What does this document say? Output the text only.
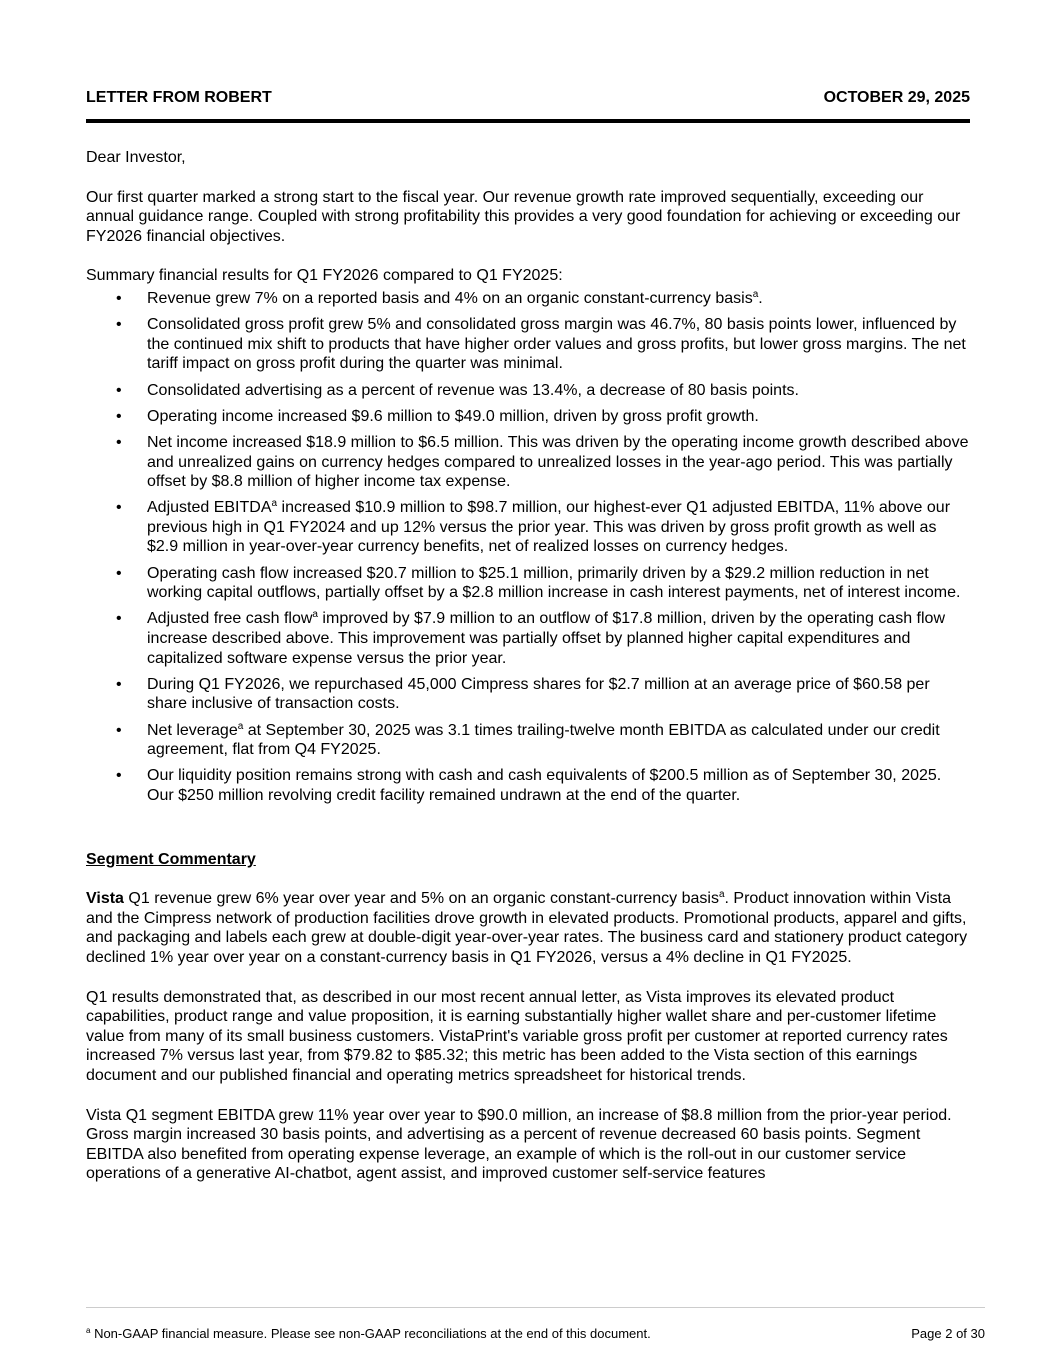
LETTER FROM ROBERT	OCTOBER 29, 2025

Dear Investor,

Our first quarter marked a strong start to the fiscal year. Our revenue growth rate improved sequentially, exceeding our annual guidance range. Coupled with strong profitability this provides a very good foundation for achieving or exceeding our FY2026 financial objectives.

Summary financial results for Q1 FY2026 compared to Q1 FY2025:

• Revenue grew 7% on a reported basis and 4% on an organic constant-currency basis$^a$.
• Consolidated gross profit grew 5% and consolidated gross margin was 46.7%, 80 basis points lower, influenced by the continued mix shift to products that have higher order values and gross profits, but lower gross margins. The net tariff impact on gross profit during the quarter was minimal.
• Consolidated advertising as a percent of revenue was 13.4%, a decrease of 80 basis points.
• Operating income increased $9.6 million to $49.0 million, driven by gross profit growth.
• Net income increased $18.9 million to $6.5 million. This was driven by the operating income growth described above and unrealized gains on currency hedges compared to unrealized losses in the year-ago period. This was partially offset by $8.8 million of higher income tax expense.
• Adjusted EBITDA$^a$ increased $10.9 million to $98.7 million, our highest-ever Q1 adjusted EBITDA, 11% above our previous high in Q1 FY2024 and up 12% versus the prior year. This was driven by gross profit growth as well as $2.9 million in year-over-year currency benefits, net of realized losses on currency hedges.
• Operating cash flow increased $20.7 million to $25.1 million, primarily driven by a $29.2 million reduction in net working capital outflows, partially offset by a $2.8 million increase in cash interest payments, net of interest income.
• Adjusted free cash flow$^a$ improved by $7.9 million to an outflow of $17.8 million, driven by the operating cash flow increase described above. This improvement was partially offset by planned higher capital expenditures and capitalized software expense versus the prior year.
• During Q1 FY2026, we repurchased 45,000 Cimpress shares for $2.7 million at an average price of $60.58 per share inclusive of transaction costs.
• Net leverage$^a$ at September 30, 2025 was 3.1 times trailing-twelve month EBITDA as calculated under our credit agreement, flat from Q4 FY2025.
• Our liquidity position remains strong with cash and cash equivalents of $200.5 million as of September 30, 2025. Our $250 million revolving credit facility remained undrawn at the end of the quarter.

Segment Commentary

Vista Q1 revenue grew 6% year over year and 5% on an organic constant-currency basis$^a$. Product innovation within Vista and the Cimpress network of production facilities drove growth in elevated products. Promotional products, apparel and gifts, and packaging and labels each grew at double-digit year-over-year rates. The business card and stationery product category declined 1% year over year on a constant-currency basis in Q1 FY2026, versus a 4% decline in Q1 FY2025.

Q1 results demonstrated that, as described in our most recent annual letter, as Vista improves its elevated product capabilities, product range and value proposition, it is earning substantially higher wallet share and per-customer lifetime value from many of its small business customers. VistaPrint's variable gross profit per customer at reported currency rates increased 7% versus last year, from $79.82 to $85.32; this metric has been added to the Vista section of this earnings document and our published financial and operating metrics spreadsheet for historical trends.

Vista Q1 segment EBITDA grew 11% year over year to $90.0 million, an increase of $8.8 million from the prior-year period. Gross margin increased 30 basis points, and advertising as a percent of revenue decreased 60 basis points. Segment EBITDA also benefited from operating expense leverage, an example of which is the roll-out in our customer service operations of a generative AI-chatbot, agent assist, and improved customer self-service features

$^a$ Non-GAAP financial measure. Please see non-GAAP reconciliations at the end of this document.	Page 2 of 30
